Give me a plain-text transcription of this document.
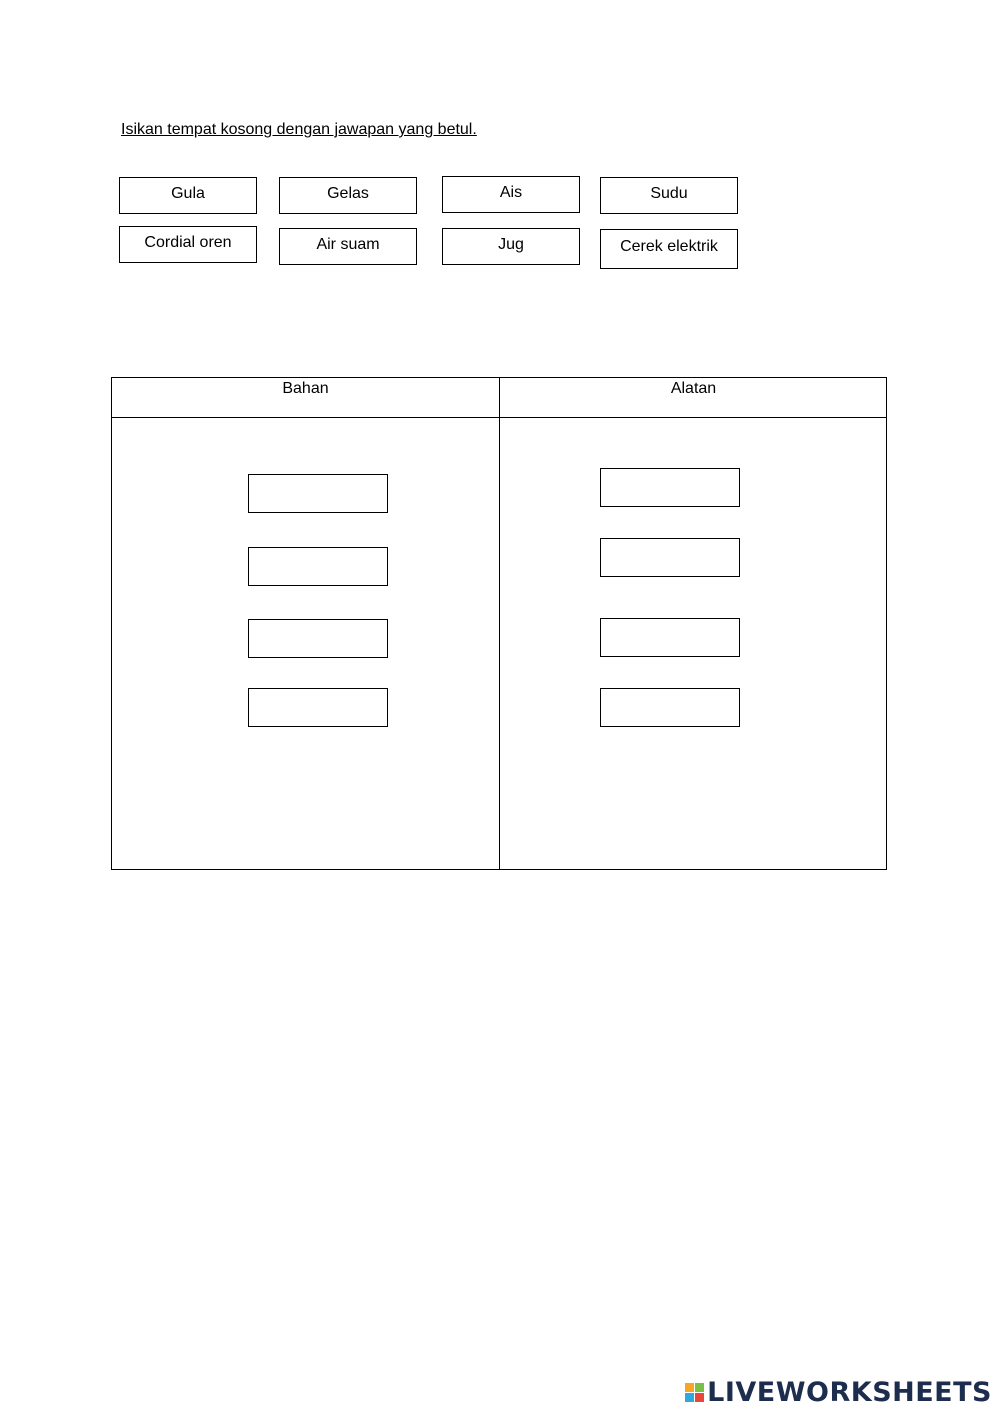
Isikan tempat kosong dengan jawapan yang betul.
Gula	Gelas	Ais	Sudu
Cordial oren	Air suam	Jug	Cerek elektrik
Bahan	Alatan
LIVEWORKSHEETS
